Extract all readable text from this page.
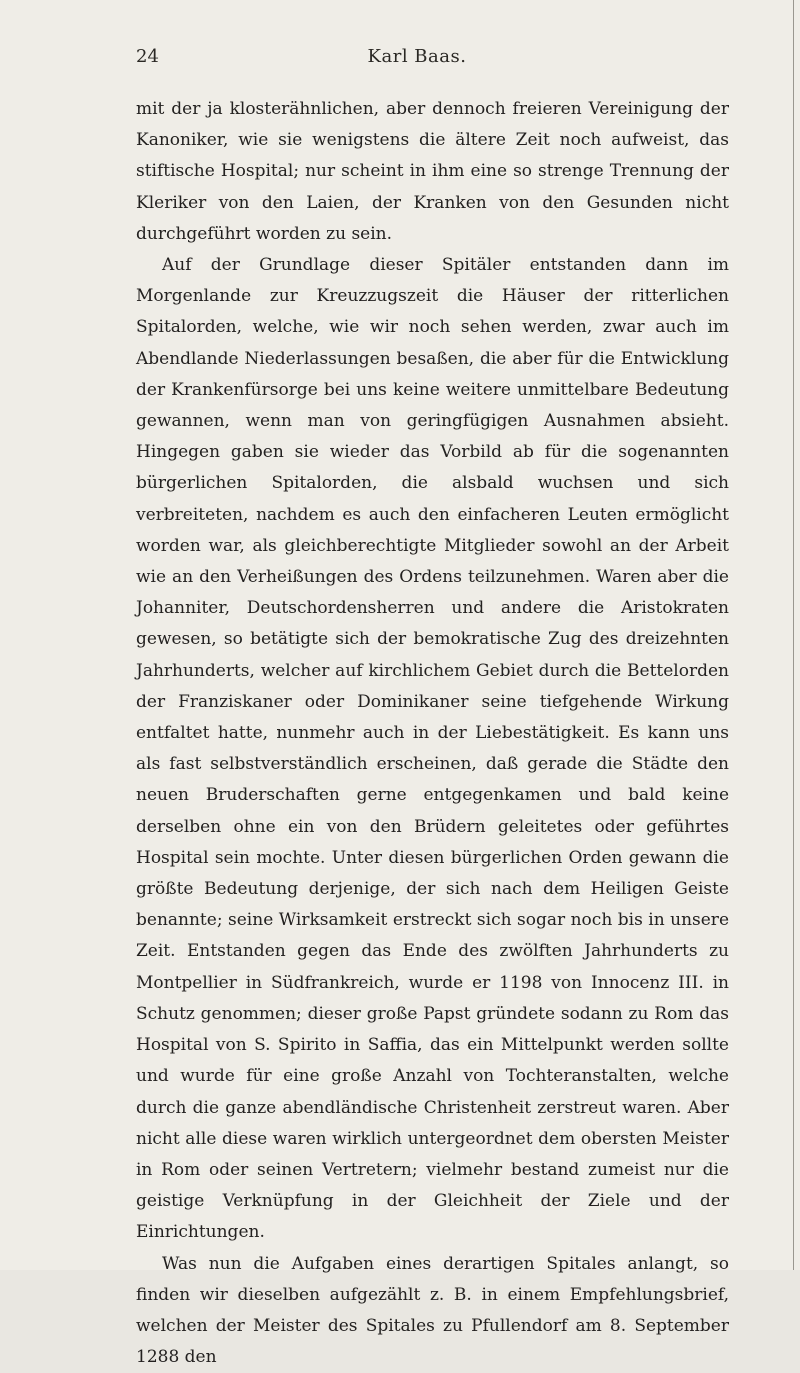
24	Karl Baas.

mit der ja klosterähnlichen, aber dennoch freieren Vereinigung der Kanoniker, wie sie wenigstens die ältere Zeit noch aufweist, das stiftische Hospital; nur scheint in ihm eine so strenge Trennung der Kleriker von den Laien, der Kranken von den Gesunden nicht durchgeführt worden zu sein.

Auf der Grundlage dieser Spitäler entstanden dann im Morgenlande zur Kreuzzugszeit die Häuser der ritterlichen Spitalorden, welche, wie wir noch sehen werden, zwar auch im Abendlande Niederlassungen besaßen, die aber für die Entwicklung der Krankenfürsorge bei uns keine weitere unmittelbare Bedeutung gewannen, wenn man von geringfügigen Ausnahmen absieht. Hingegen gaben sie wieder das Vorbild ab für die sogenannten bürgerlichen Spitalorden, die alsbald wuchsen und sich verbreiteten, nachdem es auch den einfacheren Leuten ermöglicht worden war, als gleichberechtigte Mitglieder sowohl an der Arbeit wie an den Verheißungen des Ordens teilzunehmen. Waren aber die Johanniter, Deutschordensherren und andere die Aristokraten gewesen, so betätigte sich der bemokratische Zug des dreizehnten Jahrhunderts, welcher auf kirchlichem Gebiet durch die Bettelorden der Franziskaner oder Dominikaner seine tiefgehende Wirkung entfaltet hatte, nunmehr auch in der Liebestätigkeit. Es kann uns als fast selbstverständlich erscheinen, daß gerade die Städte den neuen Bruderschaften gerne entgegenkamen und bald keine derselben ohne ein von den Brüdern geleitetes oder geführtes Hospital sein mochte. Unter diesen bürgerlichen Orden gewann die größte Bedeutung derjenige, der sich nach dem Heiligen Geiste benannte; seine Wirksamkeit erstreckt sich sogar noch bis in unsere Zeit. Entstanden gegen das Ende des zwölften Jahrhunderts zu Montpellier in Südfrankreich, wurde er 1198 von Innocenz III. in Schutz genommen; dieser große Papst gründete sodann zu Rom das Hospital von S. Spirito in Saffia, das ein Mittelpunkt werden sollte und wurde für eine große Anzahl von Tochteranstalten, welche durch die ganze abendländische Christenheit zerstreut waren. Aber nicht alle diese waren wirklich untergeordnet dem obersten Meister in Rom oder seinen Vertretern; vielmehr bestand zumeist nur die geistige Verknüpfung in der Gleichheit der Ziele und der Einrichtungen.

Was nun die Aufgaben eines derartigen Spitales anlangt, so finden wir dieselben aufgezählt z. B. in einem Empfehlungsbrief, welchen der Meister des Spitales zu Pfullendorf am 8. September 1288 den
